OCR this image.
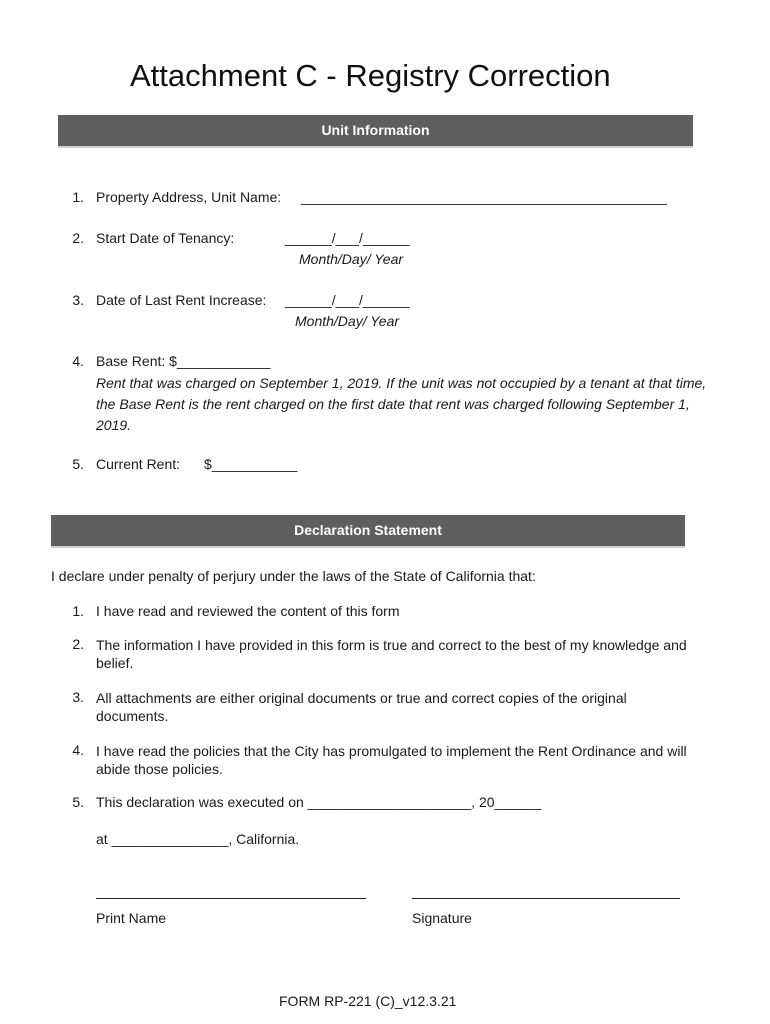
Attachment C - Registry Correction
Unit Information
1. Property Address, Unit Name: _______________________________________________
2. Start Date of Tenancy:	______/___/______
Month/Day/ Year
3. Date of Last Rent Increase: ______/___/______
Month/Day/ Year
4. Base Rent: $____________
Rent that was charged on September 1, 2019. If the unit was not occupied by a tenant at that time, the Base Rent is the rent charged on the first date that rent was charged following September 1, 2019.
5. Current Rent: $___________
Declaration Statement
I declare under penalty of perjury under the laws of the State of California that:
1. I have read and reviewed the content of this form
2. The information I have provided in this form is true and correct to the best of my knowledge and belief.
3. All attachments are either original documents or true and correct copies of the original documents.
4. I have read the policies that the City has promulgated to implement the Rent Ordinance and will abide those policies.
5. This declaration was executed on _____________________, 20______
at _______________, California.
Print Name	Signature
FORM RP-221 (C)_v12.3.21
